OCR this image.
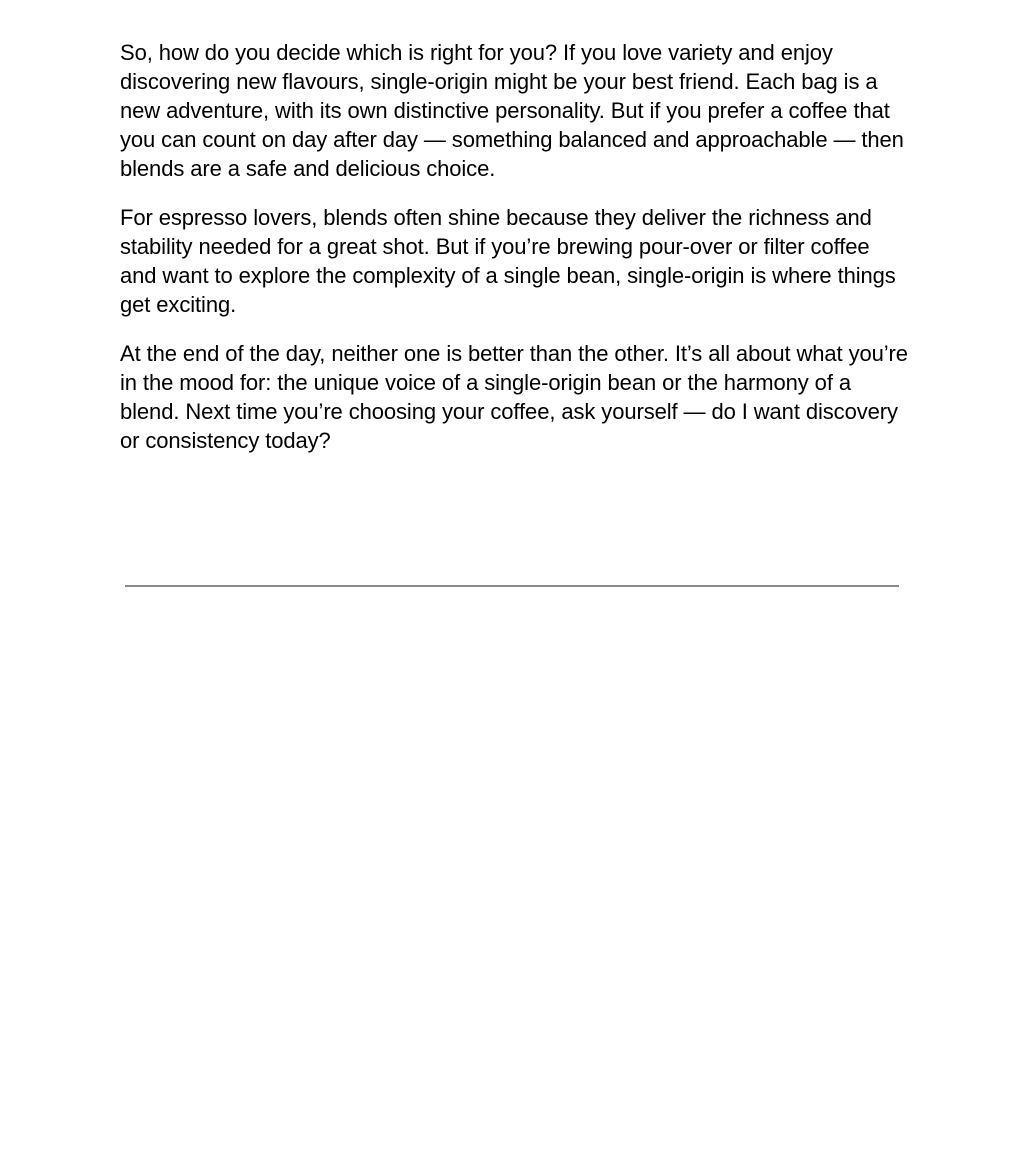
So, how do you decide which is right for you? If you love variety and enjoy discovering new flavours, single-origin might be your best friend. Each bag is a new adventure, with its own distinctive personality. But if you prefer a coffee that you can count on day after day — something balanced and approachable — then blends are a safe and delicious choice.

For espresso lovers, blends often shine because they deliver the richness and stability needed for a great shot. But if you’re brewing pour-over or filter coffee and want to explore the complexity of a single bean, single-origin is where things get exciting.

At the end of the day, neither one is better than the other. It’s all about what you’re in the mood for: the unique voice of a single-origin bean or the harmony of a blend. Next time you’re choosing your coffee, ask yourself — do I want discovery or consistency today?
